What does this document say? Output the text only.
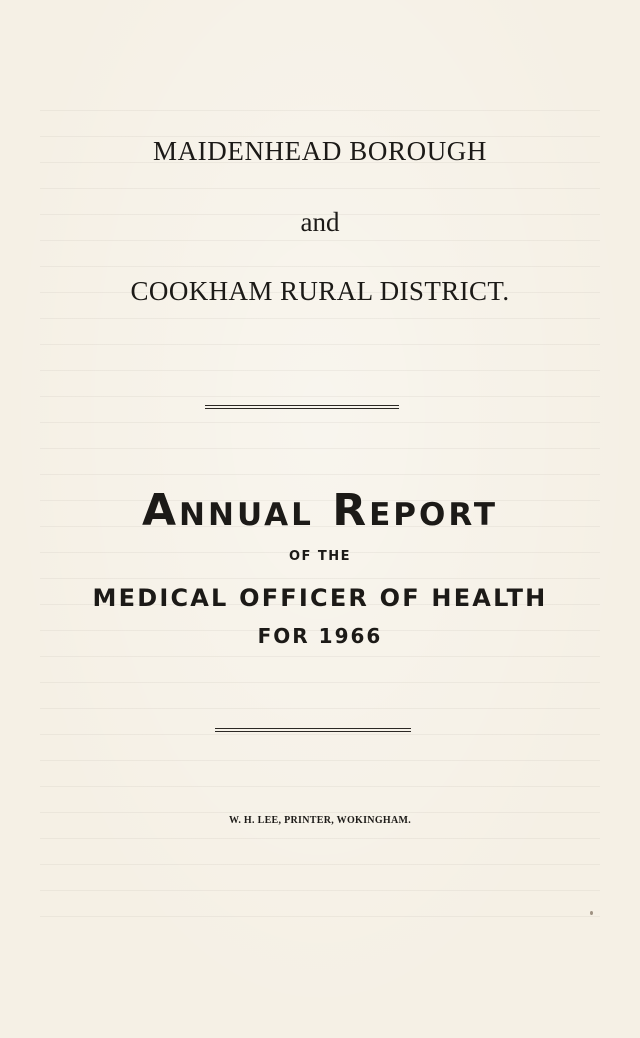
MAIDENHEAD BOROUGH
and
COOKHAM RURAL DISTRICT.
Annual Report
OF THE
MEDICAL OFFICER OF HEALTH
FOR 1966
W. H. LEE, PRINTER, WOKINGHAM.
